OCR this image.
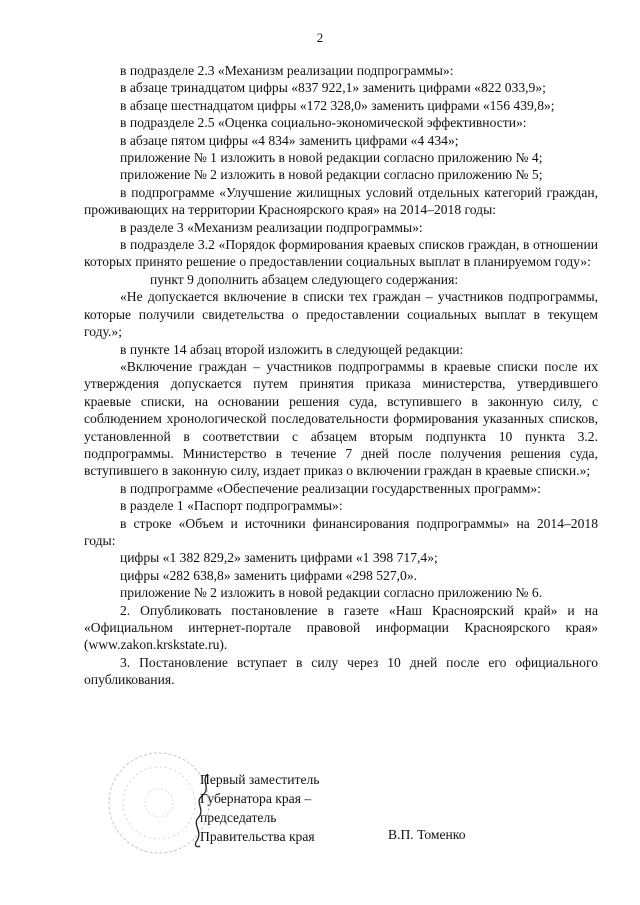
2

в подразделе 2.3 «Механизм реализации подпрограммы»:

в абзаце тринадцатом цифры «837 922,1» заменить цифрами «822 033,9»;

в абзаце шестнадцатом цифры «172 328,0» заменить цифрами «156 439,8»;

в подразделе 2.5 «Оценка социально-экономической эффективности»:

в абзаце пятом цифры «4 834» заменить цифрами «4 434»;

приложение № 1 изложить в новой редакции согласно приложению № 4;

приложение № 2 изложить в новой редакции согласно приложению № 5;

в подпрограмме «Улучшение жилищных условий отдельных категорий граждан, проживающих на территории Красноярского края» на 2014–2018 годы:

в разделе 3 «Механизм реализации подпрограммы»:

в подразделе 3.2 «Порядок формирования краевых списков граждан, в отношении которых принято решение о предоставлении социальных выплат в планируемом году»:

пункт 9 дополнить абзацем следующего содержания:

«Не допускается включение в списки тех граждан – участников подпрограммы, которые получили свидетельства о предоставлении социальных выплат в текущем году.»;

в пункте 14 абзац второй изложить в следующей редакции:

«Включение граждан – участников подпрограммы в краевые списки после их утверждения допускается путем принятия приказа министерства, утвердившего краевые списки, на основании решения суда, вступившего в законную силу, с соблюдением хронологической последовательности формирования указанных списков, установленной в соответствии с абзацем вторым подпункта 10 пункта 3.2. подпрограммы. Министерство в течение 7 дней после получения решения суда, вступившего в законную силу, издает приказ о включении граждан в краевые списки.»;

в подпрограмме «Обеспечение реализации государственных программ»:

в разделе 1 «Паспорт подпрограммы»:

в строке «Объем и источники финансирования подпрограммы» на 2014–2018 годы:

цифры «1 382 829,2» заменить цифрами «1 398 717,4»;

цифры «282 638,8» заменить цифрами «298 527,0».

приложение № 2 изложить в новой редакции согласно приложению № 6.

2. Опубликовать постановление в газете «Наш Красноярский край» и на «Официальном интернет-портале правовой информации Красноярского края» (www.zakon.krskstate.ru).

3. Постановление вступает в силу через 10 дней после его официального опубликования.

Первый заместитель
Губернатора края –
председатель
Правительства края	В.П. Томенко
